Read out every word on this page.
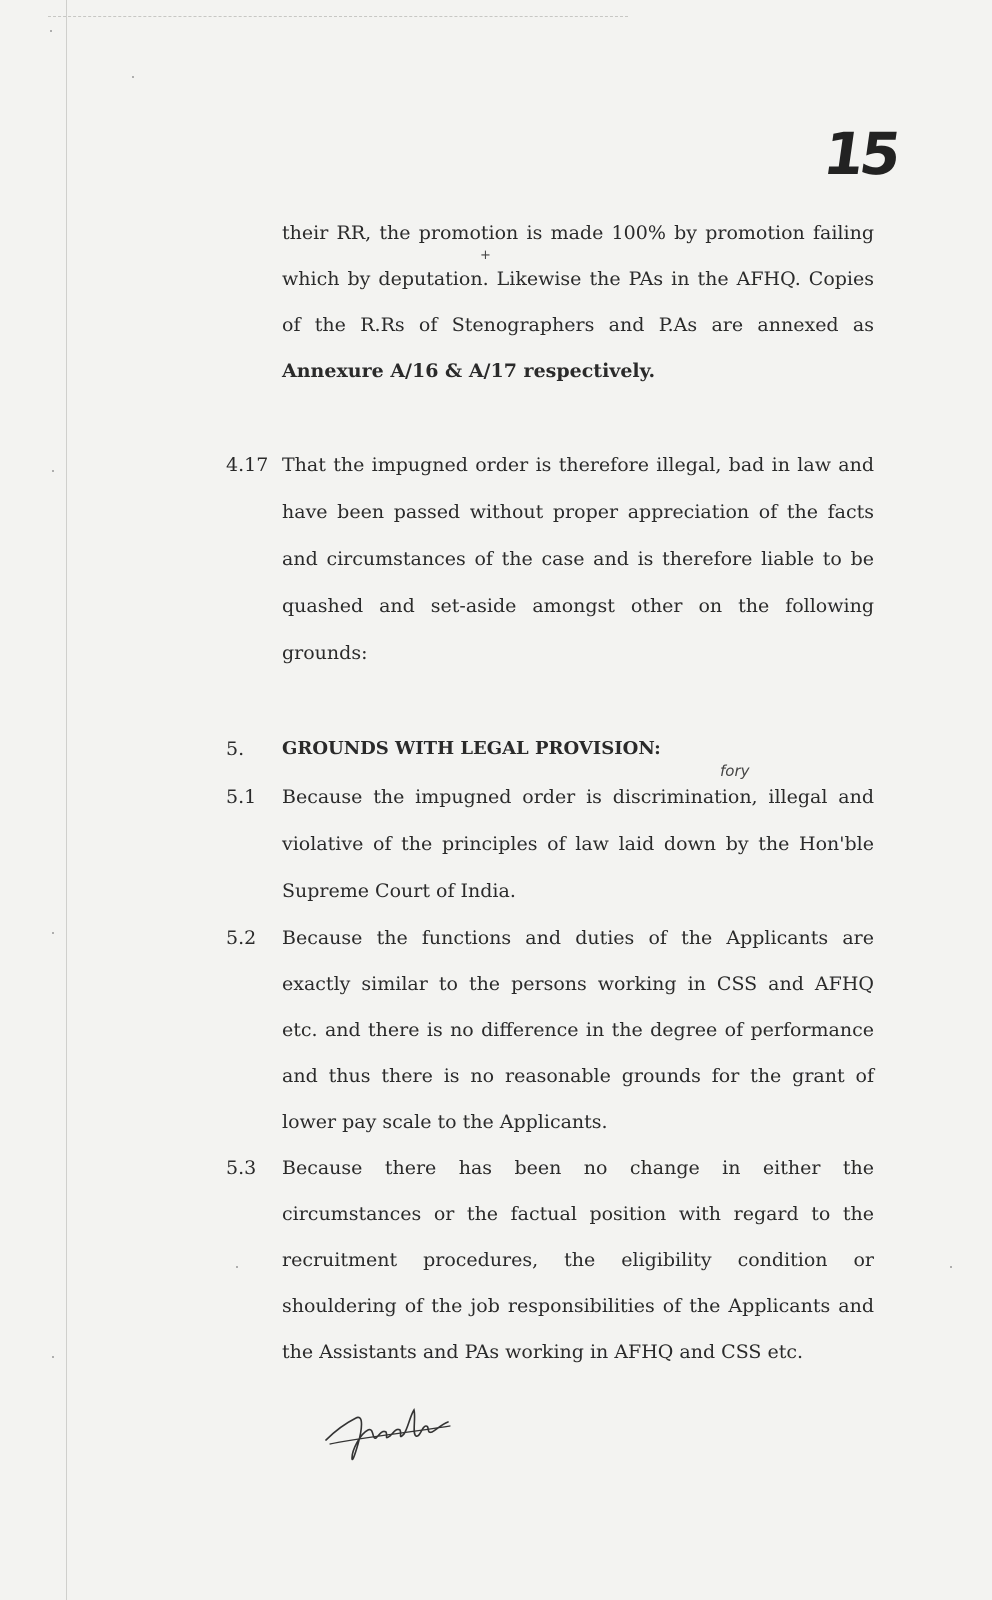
15
their RR, the promotion is made 100% by promotion failing
which by deputation. Likewise the PAs in the AFHQ. Copies
of the R.Rs of Stenographers and P.As are annexed as
Annexure A/16 & A/17 respectively.
+
4.17 That the impugned order is therefore illegal, bad in law and
have been passed without proper appreciation of the facts
and circumstances of the case and is therefore liable to be
quashed and set-aside amongst other on the following
grounds:
5. GROUNDS WITH LEGAL PROVISION:
5.1 Because the impugned order is discrimination, illegal and
violative of the principles of law laid down by the Hon'ble
Supreme Court of India.
fory
5.2 Because the functions and duties of the Applicants are
exactly similar to the persons working in CSS and AFHQ
etc. and there is no difference in the degree of performance
and thus there is no reasonable grounds for the grant of
lower pay scale to the Applicants.
5.3 Because there has been no change in either the
circumstances or the factual position with regard to the
recruitment procedures, the eligibility condition or
shouldering of the job responsibilities of the Applicants and
the Assistants and PAs working in AFHQ and CSS etc.
